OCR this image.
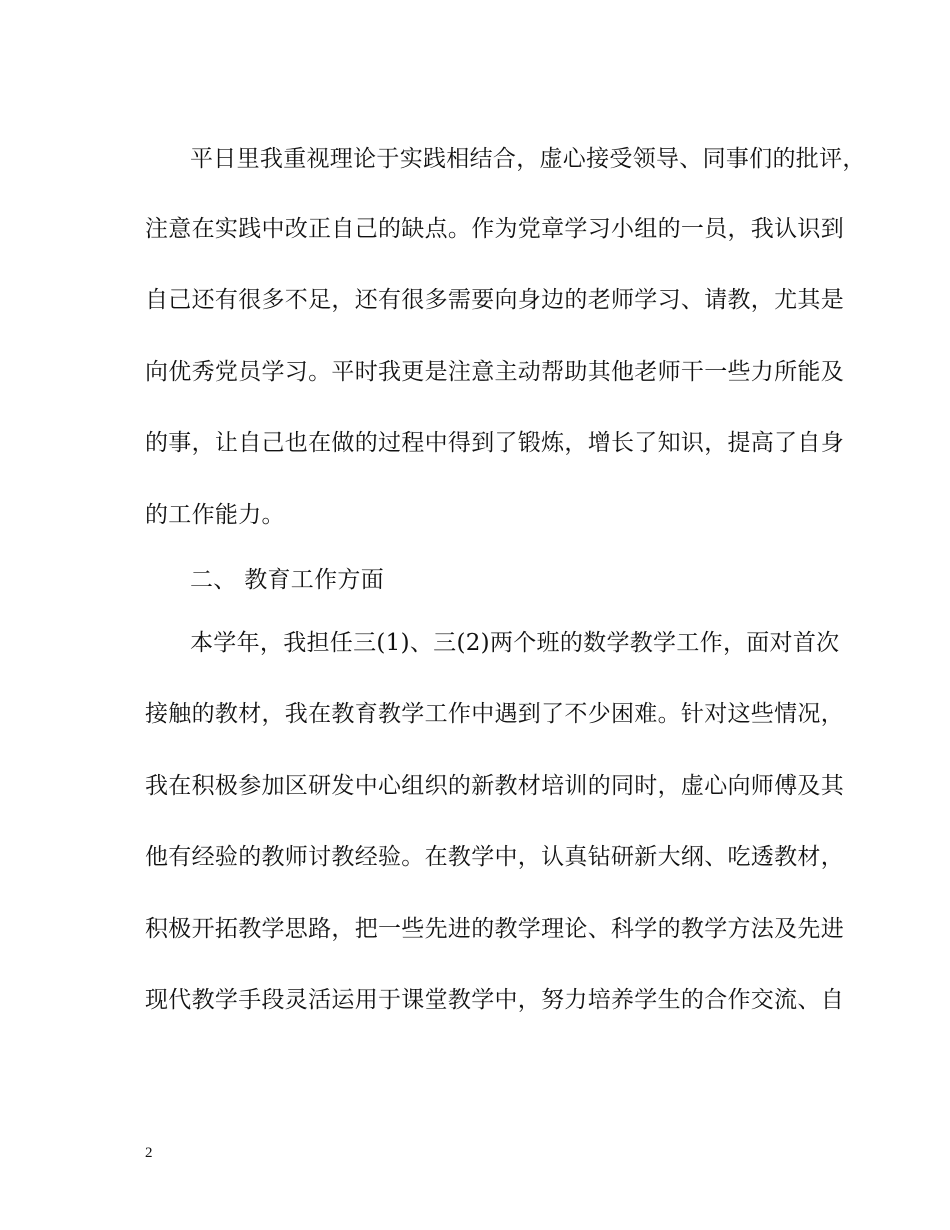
平日里我重视理论于实践相结合，虚心接受领导、同事们的批评，
注意在实践中改正自己的缺点。作为党章学习小组的一员，我认识到
自己还有很多不足，还有很多需要向身边的老师学习、请教，尤其是
向优秀党员学习。平时我更是注意主动帮助其他老师干一些力所能及
的事，让自己也在做的过程中得到了锻炼，增长了知识，提高了自身
的工作能力。
二、 教育工作方面
本学年，我担任三(1)、三(2)两个班的数学教学工作，面对首次
接触的教材，我在教育教学工作中遇到了不少困难。针对这些情况，
我在积极参加区研发中心组织的新教材培训的同时，虚心向师傅及其
他有经验的教师讨教经验。在教学中，认真钻研新大纲、吃透教材，
积极开拓教学思路，把一些先进的教学理论、科学的教学方法及先进
现代教学手段灵活运用于课堂教学中，努力培养学生的合作交流、自
2
